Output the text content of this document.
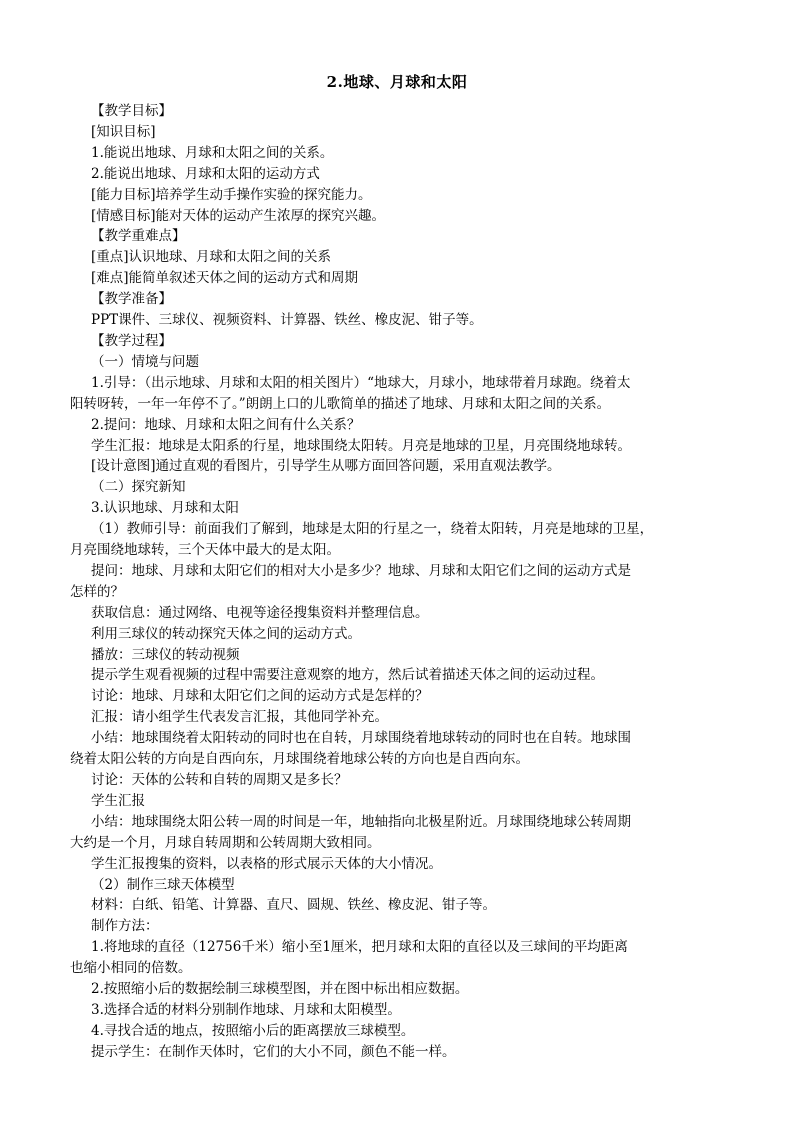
2.地球、月球和太阳

【教学目标】

[知识目标]

1.能说出地球、月球和太阳之间的关系。

2.能说出地球、月球和太阳的运动方式

[能力目标]培养学生动手操作实验的探究能力。

[情感目标]能对天体的运动产生浓厚的探究兴趣。

【教学重难点】

[重点]认识地球、月球和太阳之间的关系

[难点]能简单叙述天体之间的运动方式和周期

【教学准备】

PPT课件、三球仪、视频资料、计算器、铁丝、橡皮泥、钳子等。

【教学过程】

（一）情境与问题

1.引导：（出示地球、月球和太阳的相关图片）“地球大，月球小，地球带着月球跑。绕着太

阳转呀转，一年一年停不了。”朗朗上口的儿歌简单的描述了地球、月球和太阳之间的关系。

2.提问：地球、月球和太阳之间有什么关系？

学生汇报：地球是太阳系的行星，地球围绕太阳转。月亮是地球的卫星，月亮围绕地球转。

[设计意图]通过直观的看图片，引导学生从哪方面回答问题，采用直观法教学。

（二）探究新知

3.认识地球、月球和太阳

（1）教师引导：前面我们了解到，地球是太阳的行星之一，绕着太阳转，月亮是地球的卫星，

月亮围绕地球转，三个天体中最大的是太阳。

提问：地球、月球和太阳它们的相对大小是多少？地球、月球和太阳它们之间的运动方式是

怎样的？

获取信息：通过网络、电视等途径搜集资料并整理信息。

利用三球仪的转动探究天体之间的运动方式。

播放：三球仪的转动视频

提示学生观看视频的过程中需要注意观察的地方，然后试着描述天体之间的运动过程。

讨论：地球、月球和太阳它们之间的运动方式是怎样的？

汇报：请小组学生代表发言汇报，其他同学补充。

小结：地球围绕着太阳转动的同时也在自转，月球围绕着地球转动的同时也在自转。地球围

绕着太阳公转的方向是自西向东，月球围绕着地球公转的方向也是自西向东。

讨论：天体的公转和自转的周期又是多长？

学生汇报

小结：地球围绕太阳公转一周的时间是一年，地轴指向北极星附近。月球围绕地球公转周期

大约是一个月，月球自转周期和公转周期大致相同。

学生汇报搜集的资料，以表格的形式展示天体的大小情况。

（2）制作三球天体模型

材料：白纸、铅笔、计算器、直尺、圆规、铁丝、橡皮泥、钳子等。

制作方法：

1.将地球的直径（12756千米）缩小至1厘米，把月球和太阳的直径以及三球间的平均距离

也缩小相同的倍数。

2.按照缩小后的数据绘制三球模型图，并在图中标出相应数据。

3.选择合适的材料分别制作地球、月球和太阳模型。

4.寻找合适的地点，按照缩小后的距离摆放三球模型。

提示学生：在制作天体时，它们的大小不同，颜色不能一样。
